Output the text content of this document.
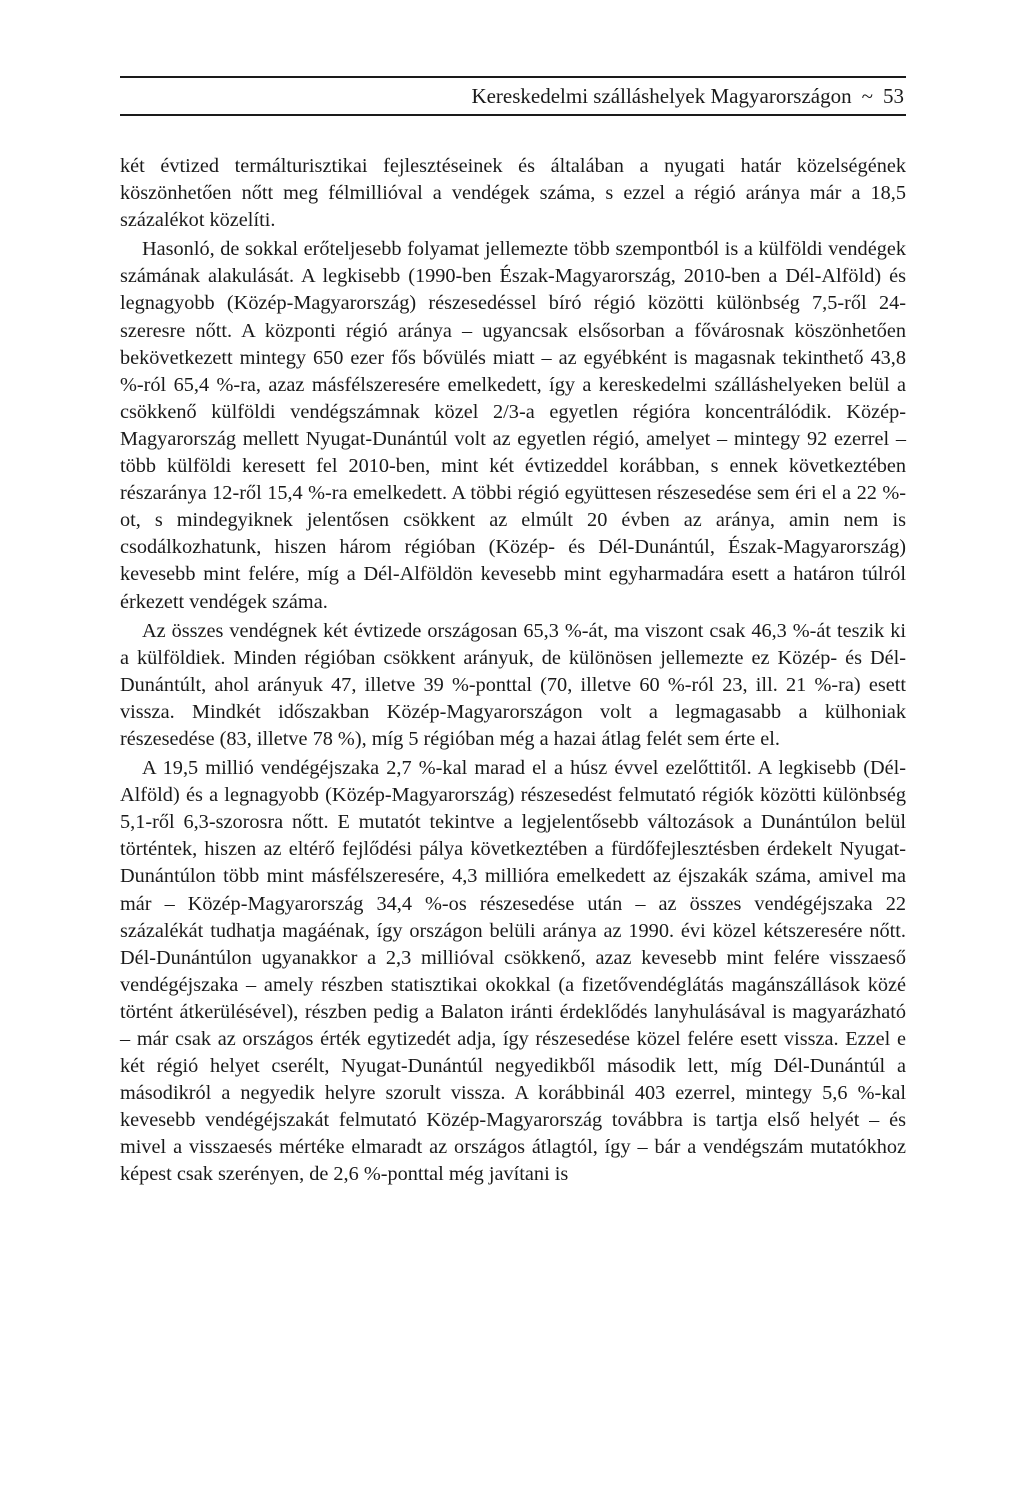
Kereskedelmi szálláshelyek Magyarországon ~ 53

két évtized termálturisztikai fejlesztéseinek és általában a nyugati határ közelségének köszönhetően nőtt meg félmillióval a vendégek száma, s ezzel a régió aránya már a 18,5 százalékot közelíti.

Hasonló, de sokkal erőteljesebb folyamat jellemezte több szempontból is a külföldi vendégek számának alakulását. A legkisebb (1990-ben Észak-Magyarország, 2010-ben a Dél-Alföld) és legnagyobb (Közép-Magyarország) részesedéssel bíró régió közötti különbség 7,5-ről 24-szeresre nőtt. A központi régió aránya – ugyancsak elsősorban a fővárosnak köszönhetően bekövetkezett mintegy 650 ezer fős bővülés miatt – az egyébként is magasnak tekinthető 43,8 %-ról 65,4 %-ra, azaz másfélszeresére emelkedett, így a kereskedelmi szálláshelyeken belül a csökkenő külföldi vendégszámnak közel 2/3-a egyetlen régióra koncentrálódik. Közép-Magyarország mellett Nyugat-Dunántúl volt az egyetlen régió, amelyet – mintegy 92 ezerrel – több külföldi keresett fel 2010-ben, mint két évtizeddel korábban, s ennek következtében részaránya 12-ről 15,4 %-ra emelkedett. A többi régió együttesen részesedése sem éri el a 22 %-ot, s mindegyiknek jelentősen csökkent az elmúlt 20 évben az aránya, amin nem is csodálkozhatunk, hiszen három régióban (Közép- és Dél-Dunántúl, Észak-Magyarország) kevesebb mint felére, míg a Dél-Alföldön kevesebb mint egyharmadára esett a határon túlról érkezett vendégek száma.

Az összes vendégnek két évtizede országosan 65,3 %-át, ma viszont csak 46,3 %-át teszik ki a külföldiek. Minden régióban csökkent arányuk, de különösen jellemezte ez Közép- és Dél-Dunántúlt, ahol arányuk 47, illetve 39 %-ponttal (70, illetve 60 %-ról 23, ill. 21 %-ra) esett vissza. Mindkét időszakban Közép-Magyarországon volt a legmagasabb a külhoniak részesedése (83, illetve 78 %), míg 5 régióban még a hazai átlag felét sem érte el.

A 19,5 millió vendégéjszaka 2,7 %-kal marad el a húsz évvel ezelőttitől. A legkisebb (Dél-Alföld) és a legnagyobb (Közép-Magyarország) részesedést felmutató régiók közötti különbség 5,1-ről 6,3-szorosra nőtt. E mutatót tekintve a legjelentősebb változások a Dunántúlon belül történtek, hiszen az eltérő fejlődési pálya következtében a fürdőfejlesztésben érdekelt Nyugat-Dunántúlon több mint másfélszeresére, 4,3 millióra emelkedett az éjszakák száma, amivel ma már – Közép-Magyarország 34,4 %-os részesedése után – az összes vendégéjszaka 22 százalékát tudhatja magáénak, így országon belüli aránya az 1990. évi közel kétszeresére nőtt. Dél-Dunántúlon ugyanakkor a 2,3 millióval csökkenő, azaz kevesebb mint felére visszaeső vendégéjszaka – amely részben statisztikai okokkal (a fizetővendéglátás magánszállások közé történt átkerülésével), részben pedig a Balaton iránti érdeklődés lanyhulásával is magyarázható – már csak az országos érték egytizedét adja, így részesedése közel felére esett vissza. Ezzel e két régió helyet cserélt, Nyugat-Dunántúl negyedikből második lett, míg Dél-Dunántúl a másodikról a negyedik helyre szorult vissza. A korábbinál 403 ezerrel, mintegy 5,6 %-kal kevesebb vendégéjszakát felmutató Közép-Magyarország továbbra is tartja első helyét – és mivel a visszaesés mértéke elmaradt az országos átlagtól, így – bár a vendégszám mutatókhoz képest csak szerényen, de 2,6 %-ponttal még javítani is
